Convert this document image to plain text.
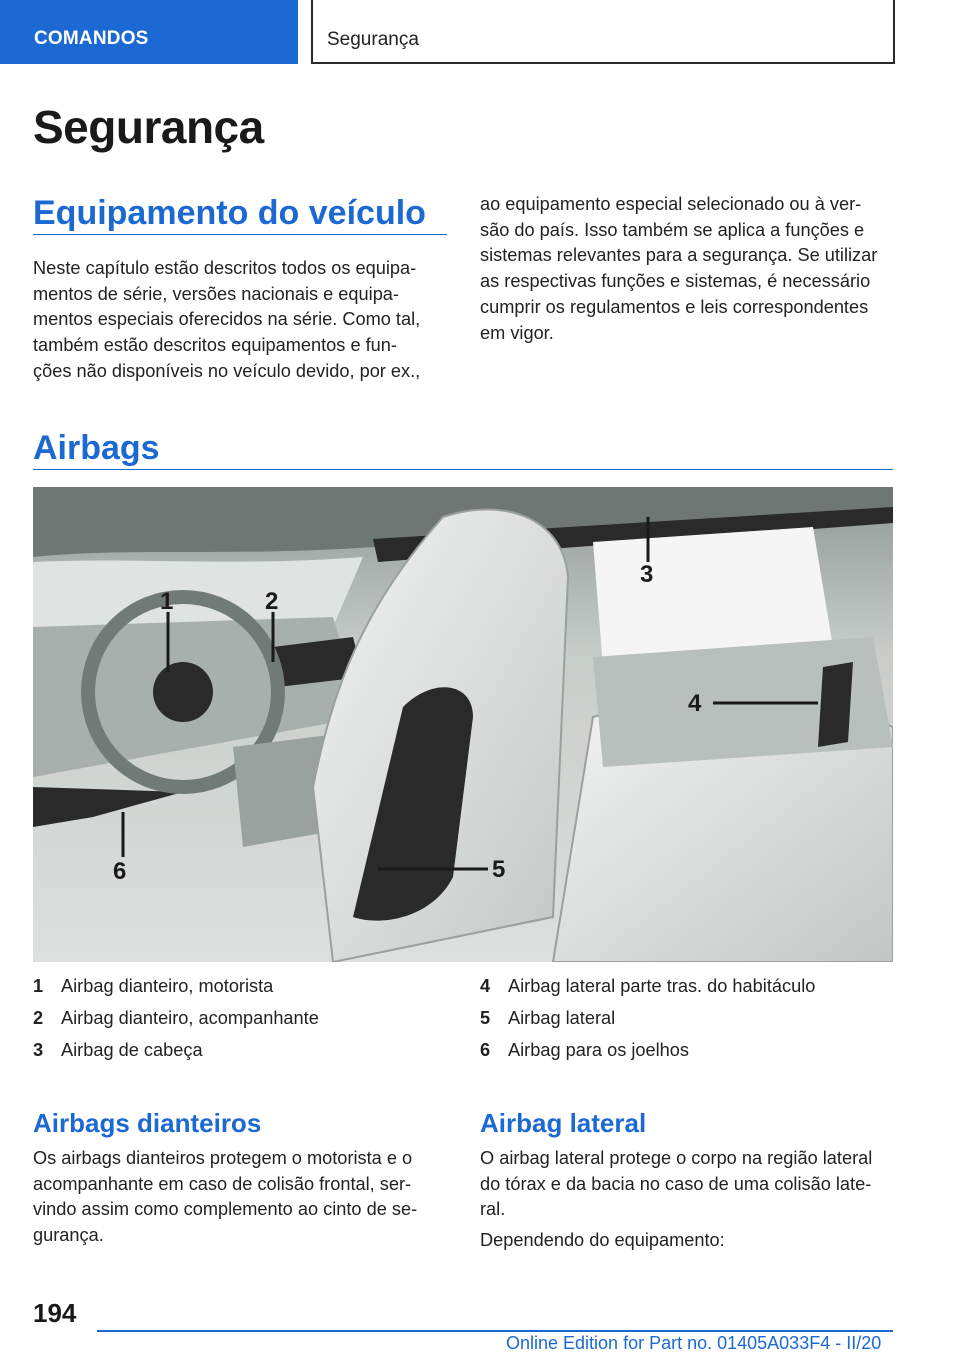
COMANDOS	Segurança
Segurança
Equipamento do veículo
Neste capítulo estão descritos todos os equipa‐
mentos de série, versões nacionais e equipa‐
mentos especiais oferecidos na série. Como tal,
também estão descritos equipamentos e fun‐
ções não disponíveis no veículo devido, por ex.,
ao equipamento especial selecionado ou à ver‐
são do país. Isso também se aplica a funções e
sistemas relevantes para a segurança. Se utilizar
as respectivas funções e sistemas, é necessário
cumprir os regulamentos e leis correspondentes
em vigor.
Airbags
1	2
3
4
5
6
1 Airbag dianteiro, motorista
2 Airbag dianteiro, acompanhante
3 Airbag de cabeça
4 Airbag lateral parte tras. do habitáculo
5 Airbag lateral
6 Airbag para os joelhos
Airbags dianteiros
Os airbags dianteiros protegem o motorista e o
acompanhante em caso de colisão frontal, ser‐
vindo assim como complemento ao cinto de se‐
gurança.
Airbag lateral
O airbag lateral protege o corpo na região lateral
do tórax e da bacia no caso de uma colisão late‐
ral.
Dependendo do equipamento:
194
Online Edition for Part no. 01405A033F4 - II/20
